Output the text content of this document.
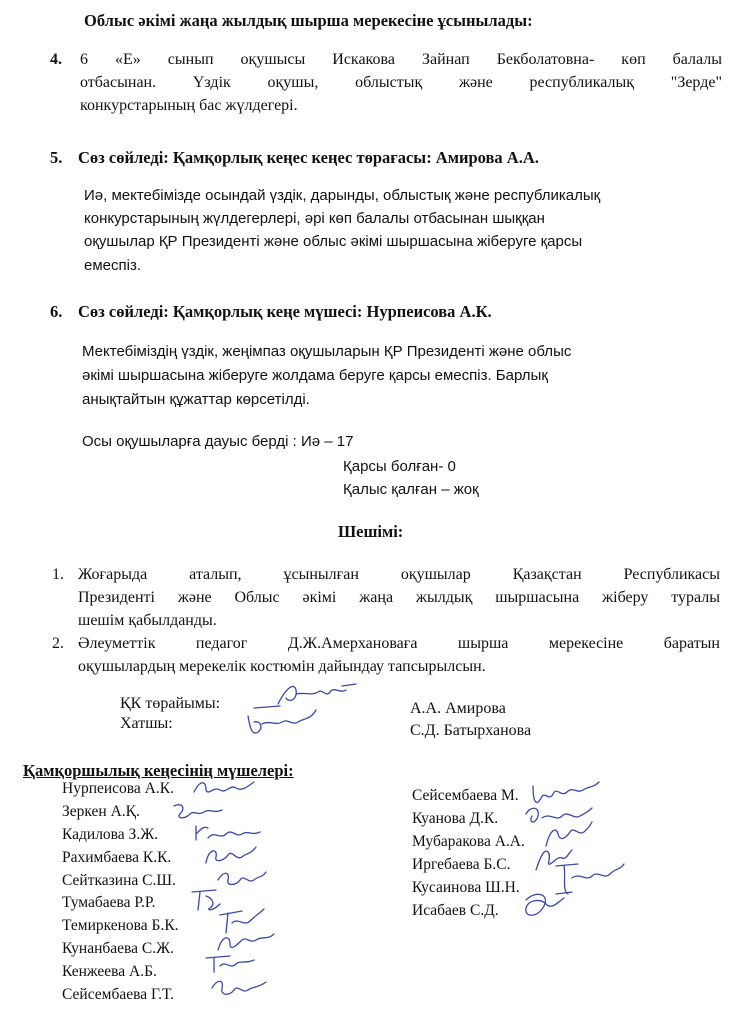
Облыс әкімі жаңа жылдық шырша мерекесіне ұсынылады:
4. 6 «Е» сынып оқушысы Искакова Зайнап Бекболатовна- көп балалы
отбасынан. Үздік оқушы, облыстық және республикалық "Зерде"
конкурстарының бас жүлдегері.
5. Сөз сөйледі: Қамқорлық кеңес кеңес төрағасы: Амирова А.А.
Иә, мектебімізде осындай үздік, дарынды, облыстық және республикалық
конкурстарының жүлдегерлері, әрі көп балалы отбасынан шыққан
оқушылар ҚР Президенті және облыс әкімі шыршасына жіберуге қарсы
емеспіз.
6. Сөз сөйледі: Қамқорлық кеңе мүшесі: Нурпеисова А.К.
Мектебіміздің үздік, жеңімпаз оқушыларын ҚР Президенті және облыс
әкімі шыршасына жіберуге жолдама беруге қарсы емеспіз. Барлық
анықтайтын құжаттар көрсетілді.
Осы оқушыларға дауыс берді : Иә – 17
Қарсы болған- 0
Қалыс қалған – жоқ
Шешімі:
1. Жоғарыда аталып, ұсынылған оқушылар Қазақстан Республикасы
Президенті және Облыс әкімі жаңа жылдық шыршасына жіберу туралы
шешім қабылданды.
2. Әлеуметтік педагог Д.Ж.Амерхановаға шырша мерекесіне баратын
оқушылардың мерекелік костюмін дайындау тапсырылсын.
ҚК төрайымы:
Хатшы:
А.А. Амирова
С.Д. Батырханова
Қамқоршылық кеңесінің мүшелері:
Нурпеисова А.К.
Зеркен А.Қ.
Кадилова З.Ж.
Рахимбаева К.К.
Сейтказина С.Ш.
Тумабаева Р.Р.
Темиркенова Б.К.
Кунанбаева С.Ж.
Кенжеева А.Б.
Сейсембаева Г.Т.
Сейсембаева М.
Куанова Д.К.
Мубаракова А.А.
Иргебаева Б.С.
Кусаинова Ш.Н.
Исабаев С.Д.
